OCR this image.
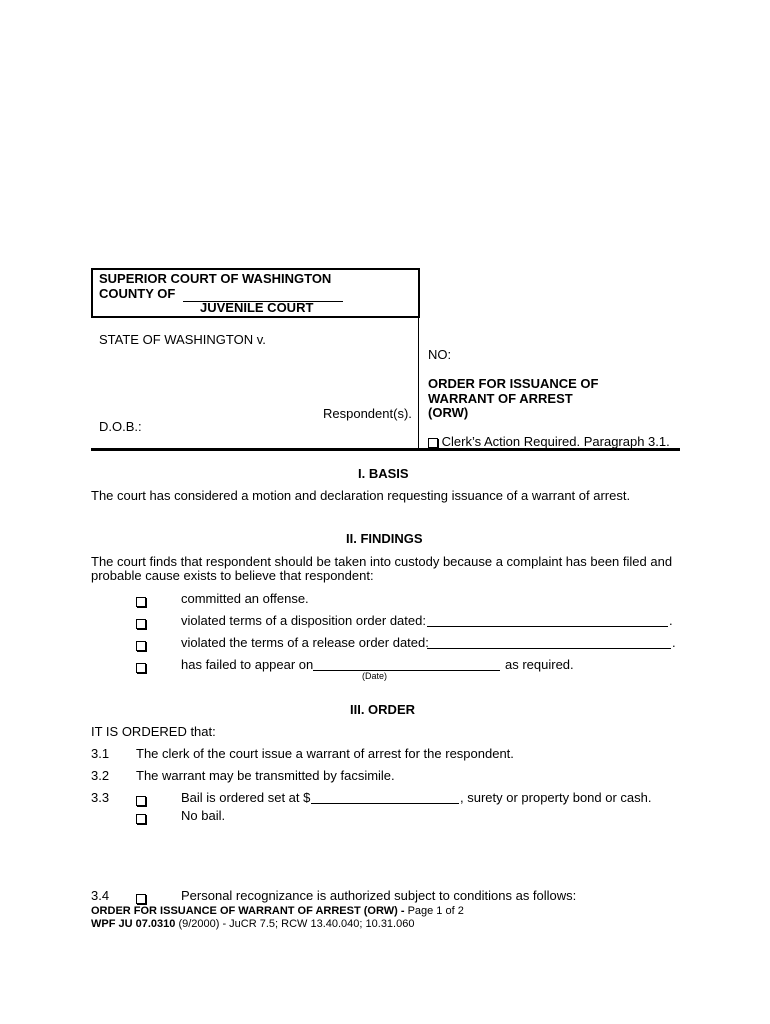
SUPERIOR COURT OF WASHINGTON
COUNTY OF
JUVENILE COURT
STATE OF WASHINGTON v.
Respondent(s).
D.O.B.:
NO:
ORDER FOR ISSUANCE OF
WARRANT OF ARREST
(ORW)
Clerk’s Action Required. Paragraph 3.1.
I. BASIS
The court has considered a motion and declaration requesting issuance of a warrant of arrest.
II. FINDINGS
The court finds that respondent should be taken into custody because a complaint has been filed and
probable cause exists to believe that respondent:
committed an offense.
violated terms of a disposition order dated:	.
violated the terms of a release order dated:	.
has failed to appear on	as required.
(Date)
III. ORDER
IT IS ORDERED that:
3.1 The clerk of the court issue a warrant of arrest for the respondent.
3.2 The warrant may be transmitted by facsimile.
3.3	Bail is ordered set at $	, surety or property bond or cash.
No bail.
3.4	Personal recognizance is authorized subject to conditions as follows:
ORDER FOR ISSUANCE OF WARRANT OF ARREST (ORW) - Page 1 of 2
WPF JU 07.0310 (9/2000) - JuCR 7.5; RCW 13.40.040; 10.31.060
